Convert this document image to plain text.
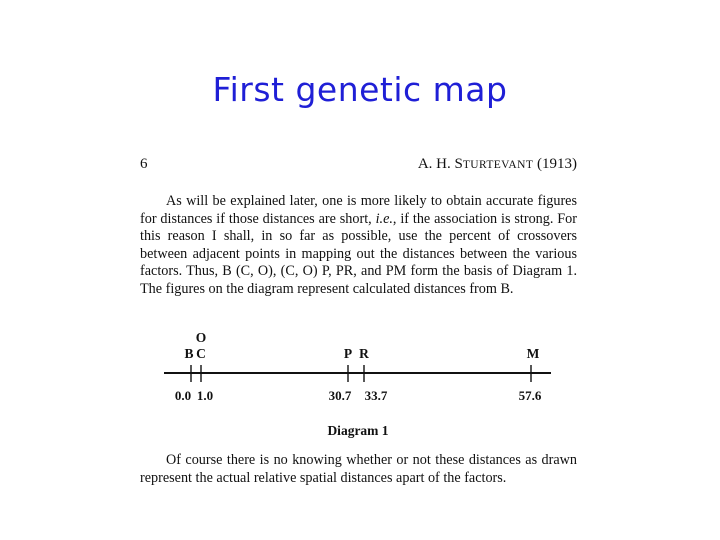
First genetic map
6	A. H. STURTEVANT (1913)

As will be explained later, one is more likely to obtain accurate figures for distances if those distances are short, i.e., if the association is strong. For this reason I shall, in so far as possible, use the percent of crossovers between adjacent points in mapping out the distances between the various factors. Thus, B (C, O), (C, O) P, PR, and PM form the basis of Diagram 1. The figures on the diagram represent calculated distances from B.

O
B C	P R	M
0.0 1.0	30.7 33.7	57.6
Diagram 1

Of course there is no knowing whether or not these distances as drawn represent the actual relative spatial distances apart of the factors.
